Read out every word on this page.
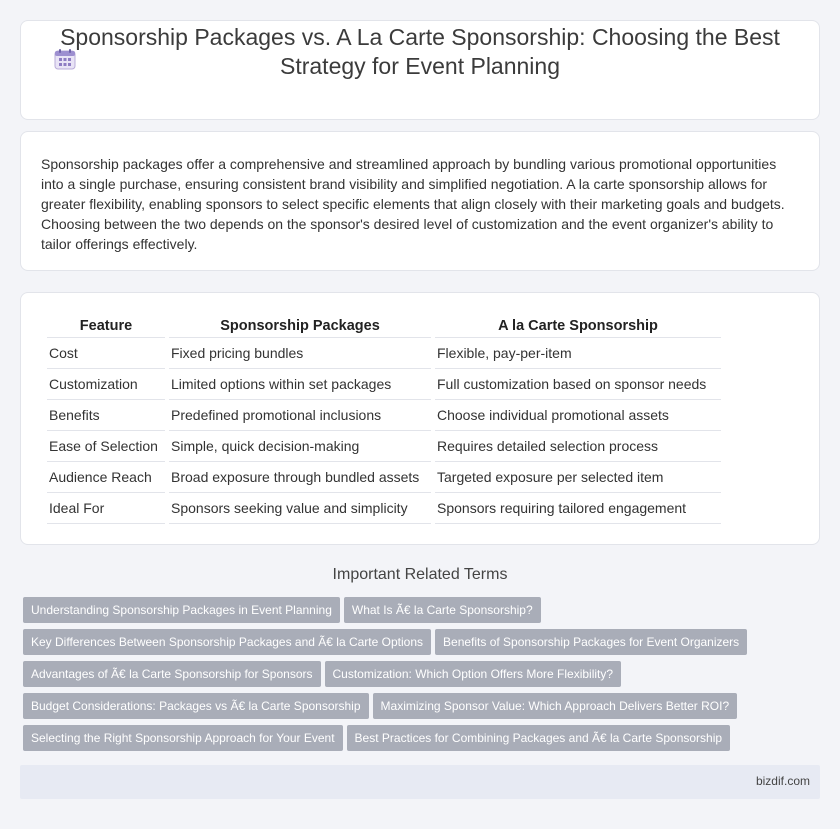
Sponsorship Packages vs. A La Carte Sponsorship: Choosing the Best Strategy for Event Planning

Sponsorship packages offer a comprehensive and streamlined approach by bundling various promotional opportunities into a single purchase, ensuring consistent brand visibility and simplified negotiation. A la carte sponsorship allows for greater flexibility, enabling sponsors to select specific elements that align closely with their marketing goals and budgets. Choosing between the two depends on the sponsor's desired level of customization and the event organizer's ability to tailor offerings effectively.

Feature	Sponsorship Packages	A la Carte Sponsorship
Cost	Fixed pricing bundles	Flexible, pay-per-item
Customization	Limited options within set packages	Full customization based on sponsor needs
Benefits	Predefined promotional inclusions	Choose individual promotional assets
Ease of Selection	Simple, quick decision-making	Requires detailed selection process
Audience Reach	Broad exposure through bundled assets	Targeted exposure per selected item
Ideal For	Sponsors seeking value and simplicity	Sponsors requiring tailored engagement
Important Related Terms
Understanding Sponsorship Packages in Event Planning What Is Ã€ la Carte Sponsorship?
Key Differences Between Sponsorship Packages and Ã€ la Carte Options Benefits of Sponsorship Packages for Event Organizers
Advantages of Ã€ la Carte Sponsorship for Sponsors Customization: Which Option Offers More Flexibility?
Budget Considerations: Packages vs Ã€ la Carte Sponsorship Maximizing Sponsor Value: Which Approach Delivers Better ROI?
Selecting the Right Sponsorship Approach for Your Event Best Practices for Combining Packages and Ã€ la Carte Sponsorship
bizdif.com
